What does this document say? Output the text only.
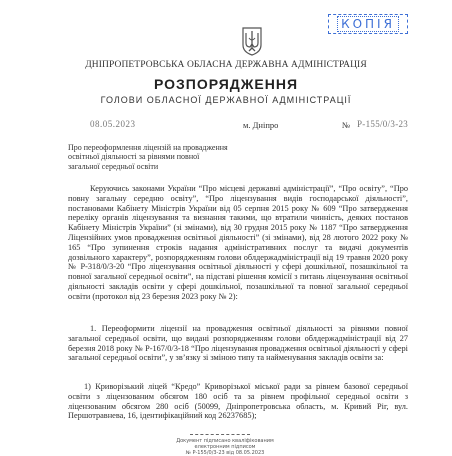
КОПІЯ
ДНІПРОПЕТРОВСЬКА ОБЛАСНА ДЕРЖАВНА АДМІНІСТРАЦІЯ
РОЗПОРЯДЖЕННЯ
ГОЛОВИ ОБЛАСНОЇ ДЕРЖАВНОЇ АДМІНІСТРАЦІЇ
08.05.2023	м. Дніпро	№ Р-155/0/3-23
Про переоформлення ліцензій на провадження освітньої діяльності за рівнями повної загальної середньої освіти
Керуючись законами України “Про місцеві державні адміністрації”, “Про освіту”, “Про повну загальну середню освіту”, “Про ліцензування видів господарської діяльності”, постановами Кабінету Міністрів України від 05 серпня 2015 року № 609 “Про затвердження переліку органів ліцензування та визнання такими, що втратили чинність, деяких постанов Кабінету Міністрів України” (зі змінами), від 30 грудня 2015 року № 1187 “Про затвердження Ліцензійних умов провадження освітньої діяльності” (зі змінами), від 28 лютого 2022 року № 165 “Про зупинення строків надання адміністративних послуг та видачі документів дозвільного характеру”, розпорядженням голови облдержадміністрації від 19 травня 2020 року № Р-318/0/3-20 “Про ліцензування освітньої діяльності у сфері дошкільної, позашкільної та повної загальної середньої освіти”, на підставі рішення комісії з питань ліцензування освітньої діяльності закладів освіти у сфері дошкільної, позашкільної та повної загальної середньої освіти (протокол від 23 березня 2023 року № 2):
1. Переоформити ліцензії на провадження освітньої діяльності за рівнями повної загальної середньої освіти, що видані розпорядженням голови облдержадміністрації від 27 березня 2018 року № Р-167/0/3-18 “Про ліцензування провадження освітньої діяльності у сфері загальної середньої освіти”, у зв’язку зі зміною типу та найменування закладів освіти за:
1) Криворізький ліцей “Кредо” Криворізької міської ради за рівнем базової середньої освіти з ліцензованим обсягом 180 осіб та за рівнем профільної середньої освіти з ліцензованим обсягом 280 осіб (50099, Дніпропетровська область, м. Кривий Ріг, вул. Першотравнева, 16, ідентифікаційний код 26237685);
Документ підписано кваліфікованим електронним підписом
№ Р-155/0/3-23 від 08.05.2023
